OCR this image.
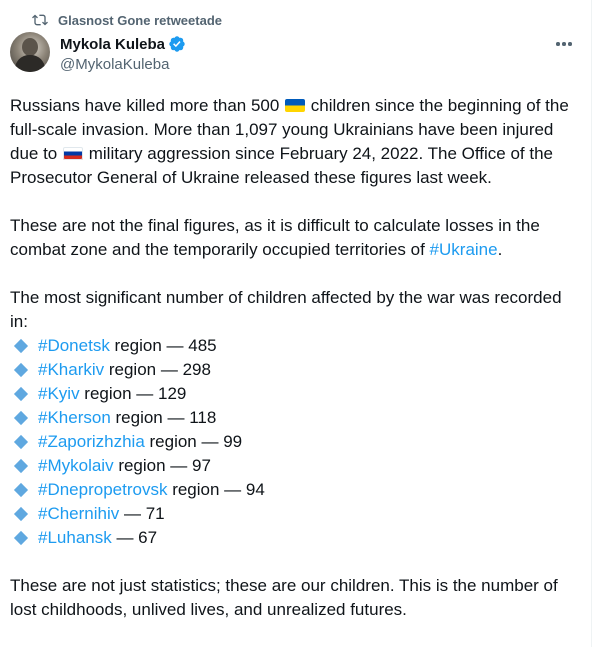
Glasnost Gone retweetade
Mykola Kuleba
@MykolaKuleba

Russians have killed more than 500  children since the beginning of the full-scale invasion. More than 1,097 young Ukrainians have been injured due to  military aggression since February 24, 2022. The Office of the Prosecutor General of Ukraine released these figures last week.

These are not the final figures, as it is difficult to calculate losses in the combat zone and the temporarily occupied territories of #Ukraine.

The most significant number of children affected by the war was recorded in:

#Donetsk region — 485
#Kharkiv region — 298
#Kyiv region — 129
#Kherson region — 118
#Zaporizhzhia region — 99
#Mykolaiv region — 97
#Dnepropetrovsk region — 94
#Chernihiv — 71
#Luhansk — 67

These are not just statistics; these are our children. This is the number of lost childhoods, unlived lives, and unrealized futures.
